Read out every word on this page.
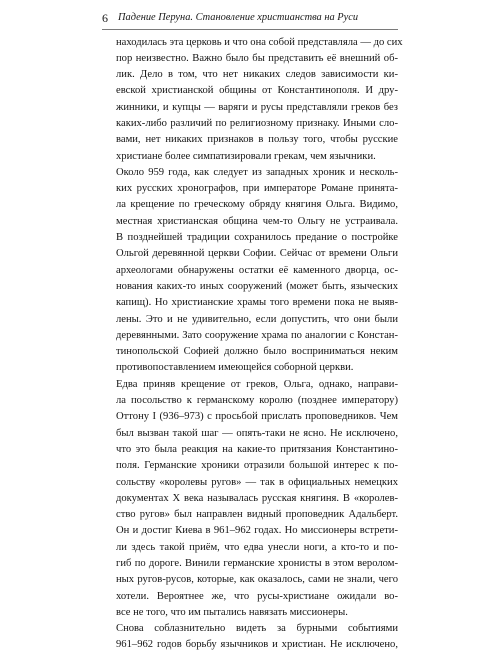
6 Падение Перуна. Становление христианства на Руси
находилась эта церковь и что она собой представляла — до сих
пор неизвестно. Важно было бы представить её внешний об-
лик. Дело в том, что нет никаких следов зависимости ки-
евской христианской общины от Константинополя. И дру-
жинники, и купцы — варяги и русы представляли греков без
каких-либо различий по религиозному признаку. Иными сло-
вами, нет никаких признаков в пользу того, чтобы русские
христиане более симпатизировали грекам, чем язычники.
Около 959 года, как следует из западных хроник и несколь-
ких русских хронографов, при императоре Романе принята-
ла крещение по греческому обряду княгиня Ольга. Видимо,
местная христианская община чем-то Ольгу не устраивала.
В позднейшей традиции сохранилось предание о постройке
Ольгой деревянной церкви Софии. Сейчас от времени Ольги
археологами обнаружены остатки её каменного дворца, ос-
нования каких-то иных сооружений (может быть, языческих
капищ). Но христианские храмы того времени пока не выяв-
лены. Это и не удивительно, если допустить, что они были
деревянными. Зато сооружение храма по аналогии с Констан-
тинопольской Софией должно было восприниматься неким
противопоставлением имеющейся соборной церкви.
Едва приняв крещение от греков, Ольга, однако, направи-
ла посольство к германскому королю (позднее императору)
Оттону I (936–973) с просьбой прислать проповедников. Чем
был вызван такой шаг — опять-таки не ясно. Не исключено,
что это была реакция на какие-то притязания Константино-
поля. Германские хроники отразили большой интерес к по-
сольству «королевы ругов» — так в официальных немецких
документах X века называлась русская княгиня. В «королев-
ство ругов» был направлен видный проповедник Адальберт.
Он и достиг Киева в 961–962 годах. Но миссионеры встрети-
ли здесь такой приём, что едва унесли ноги, а кто-то и по-
гиб по дороге. Винили германские хронисты в этом веролом-
ных ругов-русов, которые, как оказалось, сами не знали, чего
хотели. Вероятнее же, что русы-христиане ожидали во-
все не того, что им пытались навязать миссионеры.
Снова соблазнительно видеть за бурными событиями
961–962 годов борьбу язычников и христиан. Не исключено,
